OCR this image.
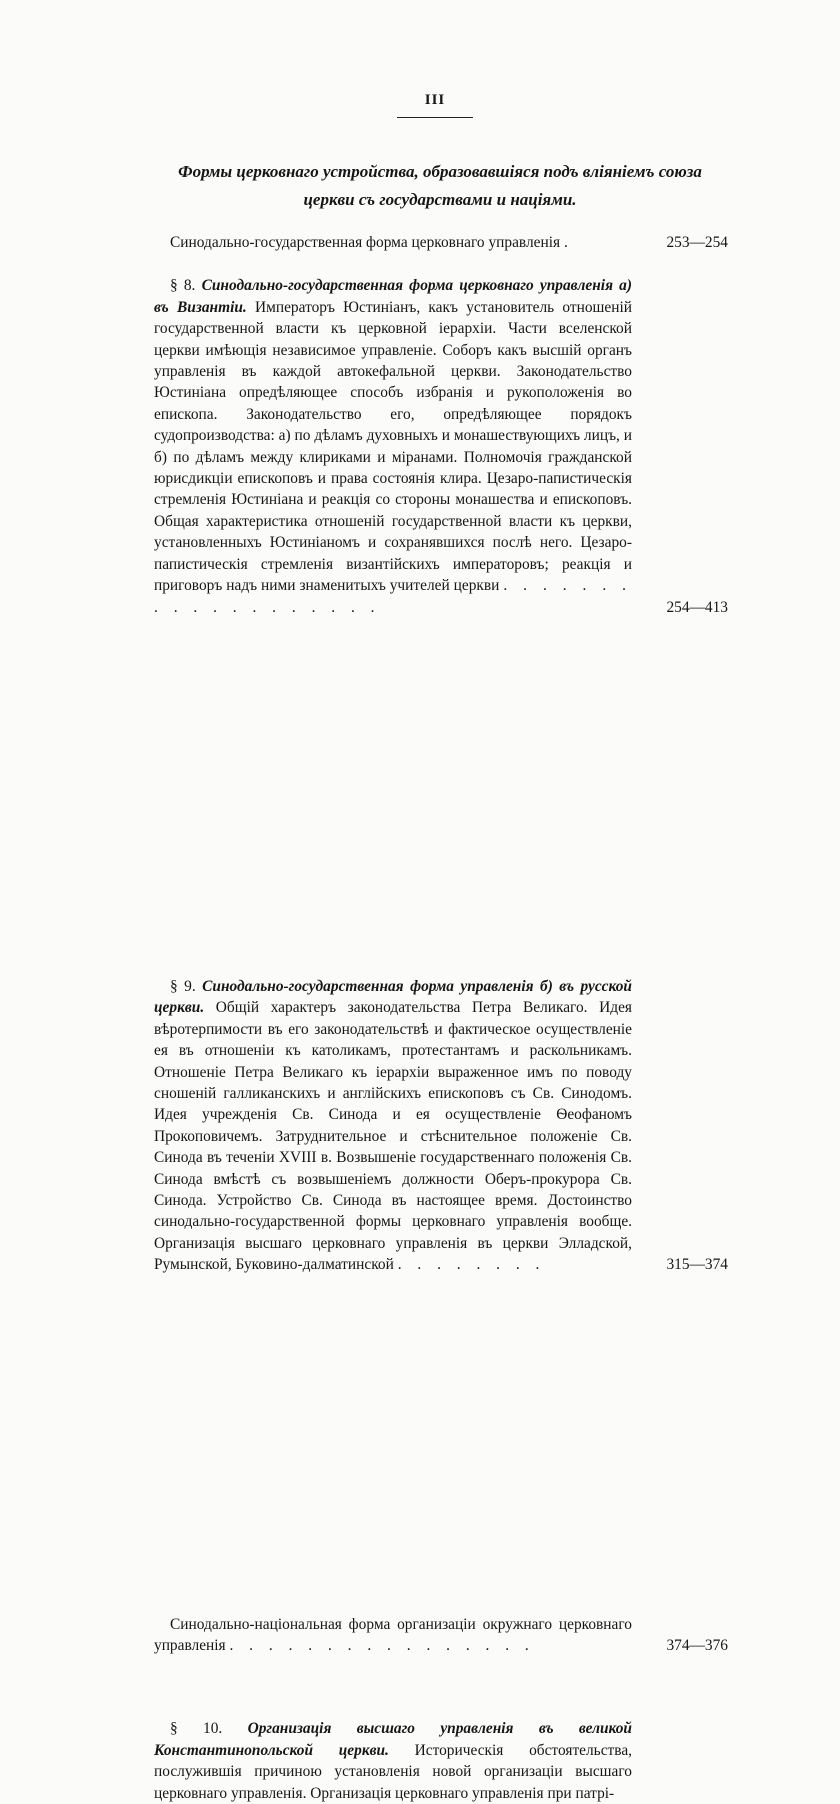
III
Формы церковнаго устройства, образовавшіяся подъ вліяніемъ союза
церкви съ государствами и націями.
Синодально-государственная форма церковнаго управленія .	253—254
§ 8. Синодально-государственная форма церковнаго управленія а) въ Византіи. Императоръ Юстиніанъ, какъ установитель отношеній государственной власти къ церковной іерархіи. Части вселенской церкви имѣющія независимое управленіе. Соборъ какъ высшій органъ управленія въ каждой автокефальной церкви. Законодательство Юстиніана опредѣляющее способъ избранія и рукоположенія во епископа. Законодательство его, опредѣляющее порядокъ судопроизводства: а) по дѣламъ духовныхъ и монашествующихъ лицъ, и б) по дѣламъ между клириками и міранами. Полномочія гражданской юрисдикціи епископовъ и права состоянія клира. Цезаро-папистическія стремленія Юстиніана и реакція со стороны монашества и епископовъ. Общая характеристика отношеній государственной власти къ церкви, установленныхъ Юстиніаномъ и сохранявшихся послѣ него. Цезаро-папистическія стремленія византійскихъ императоровъ; реакція и приговоръ надъ ними знаменитыхъ учителей церкви . . . . . . . . . . . . . . . . . . .	254—413
§ 9. Синодально-государственная форма управленія б) въ русской церкви. Общій характеръ законодательства Петра Великаго. Идея вѣротерпимости въ его законодательствѣ и фактическое осуществленіе ея въ отношеніи къ католикамъ, протестантамъ и раскольникамъ. Отношеніе Петра Великаго къ іерархіи выраженное имъ по поводу сношеній галликанскихъ и англійскихъ епископовъ съ Св. Синодомъ. Идея учрежденія Св. Синода и ея осуществленіе Ѳеофаномъ Прокоповичемъ. Затруднительное и стѣснительное положеніе Св. Синода въ теченіи XVIII в. Возвышеніе государственнаго положенія Св. Синода вмѣстѣ съ возвышеніемъ должности Оберъ-прокурора Св. Синода. Устройство Св. Синода въ настоящее время. Достоинство синодально-государственной формы церковнаго управленія вообще. Организація высшаго церковнаго управленія въ церкви Элладской, Румынской, Буковино-далматинской . . . . . . . .	315—374
Синодально-національная форма организаціи окружнаго церковнаго управленія . . . . . . . . . . . . . . . .	374—376
§ 10. Организація высшаго управленія въ великой Константинопольской церкви. Историческія обстоятельства, послужившія причиною установленія новой организаціи высшаго церковнаго управленія. Организація церковнаго управленія при патрі-
